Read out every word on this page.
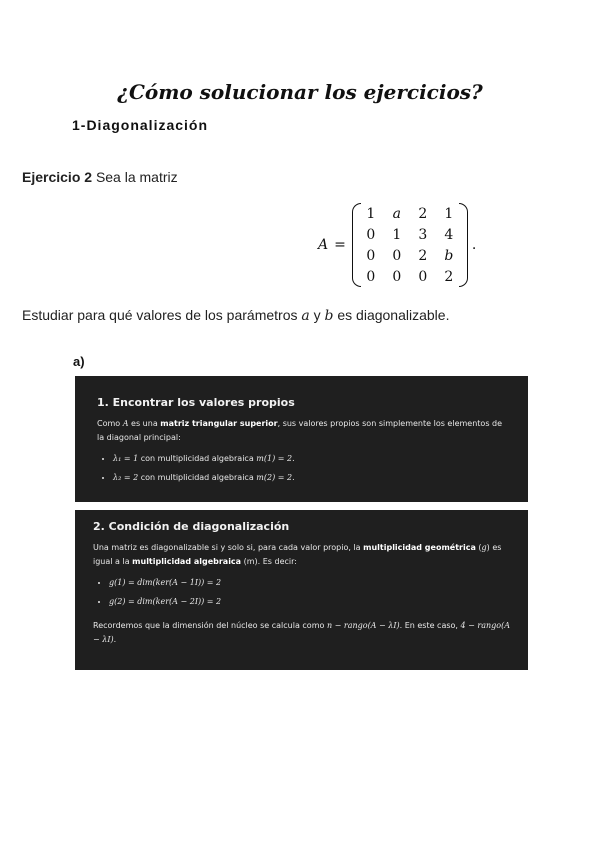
¿Cómo solucionar los ejercicios?
1-Diagonalización
Ejercicio 2 Sea la matriz
A =
1	a	2	1
0	1	3	4
0	0	2	b
0	0	0	2
.
Estudiar para qué valores de los parámetros a y b es diagonalizable.
a)
1. Encontrar los valores propios

Como A es una matriz triangular superior, sus valores propios son simplemente los elementos de la diagonal principal:

• λ₁ = 1 con multiplicidad algebraica m(1) = 2.
• λ₂ = 2 con multiplicidad algebraica m(2) = 2.
2. Condición de diagonalización

Una matriz es diagonalizable si y solo si, para cada valor propio, la multiplicidad geométrica (g) es igual a la multiplicidad algebraica (m). Es decir:

• g(1) = dim(ker(A − 1I)) = 2
• g(2) = dim(ker(A − 2I)) = 2

Recordemos que la dimensión del núcleo se calcula como n − rango(A − λI). En este caso, 4 − rango(A − λI).
